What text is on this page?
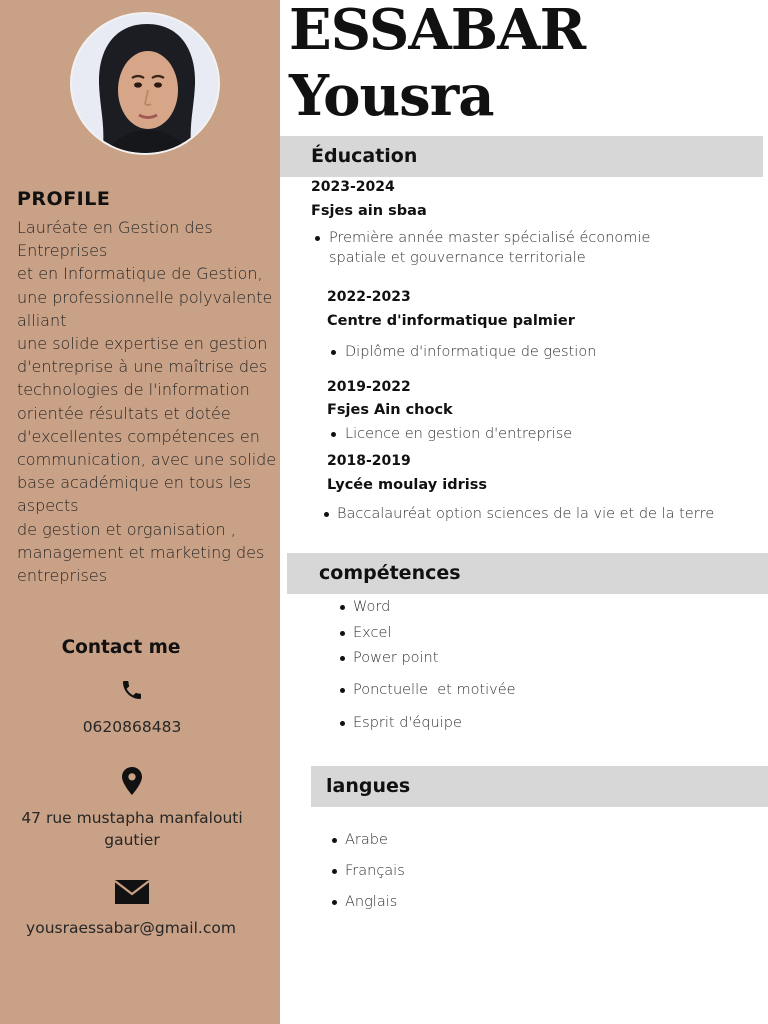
PROFILE
Lauréate en Gestion des
Entreprises
et en Informatique de Gestion,
une professionnelle polyvalente
alliant
une solide expertise en gestion
d'entreprise à une maîtrise des
technologies de l'information
orientée résultats et dotée
d'excellentes compétences en
communication, avec une solide
base académique en tous les
aspects
de gestion et organisation ,
management et marketing des
entreprises
Contact me
0620868483
47 rue mustapha manfalouti
gautier
yousraessabar@gmail.com
ESSABAR
Yousra
Éducation
2023-2024
Fsjes ain sbaa
Première année master spécialisé économie
spatiale et gouvernance territoriale
2022-2023
Centre d'informatique palmier
Diplôme d'informatique de gestion
2019-2022
Fsjes Ain chock
Licence en gestion d'entreprise
2018-2019
Lycée moulay idriss
Baccalauréat option sciences de la vie et de la terre
compétences
Word
Excel
Power point
Ponctuelle  et motivée
Esprit d'équipe
langues
Arabe
Français
Anglais
